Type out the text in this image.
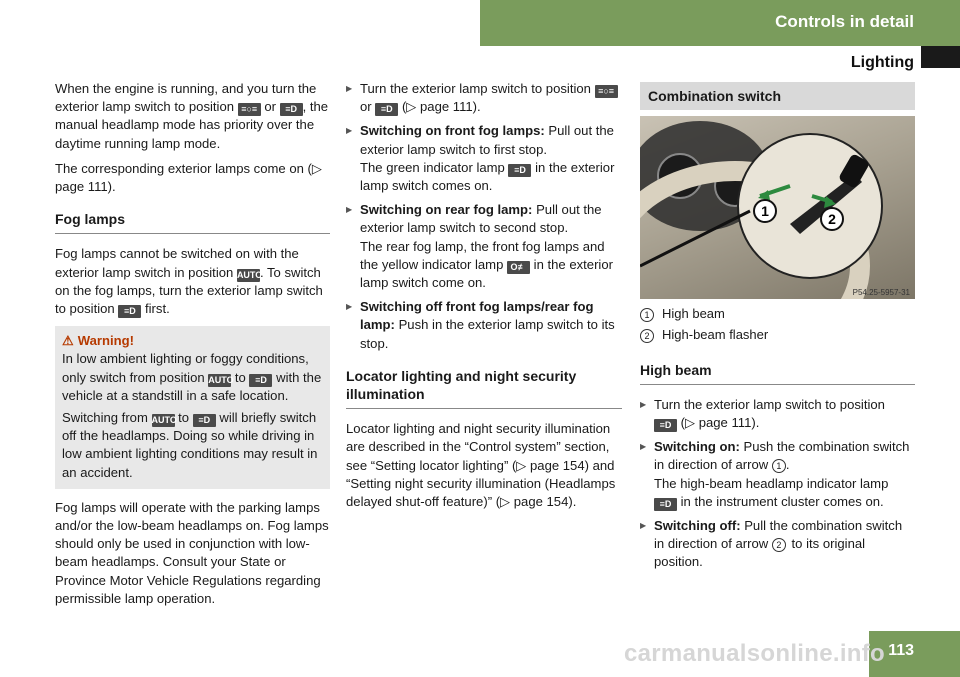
Controls in detail
Lighting

When the engine is running, and you turn the exterior lamp switch to position ≡○≡ or ≡D , the manual headlamp mode has priority over the daytime running lamp mode.

The corresponding exterior lamps come on (▷ page 111).

Fog lamps

Fog lamps cannot be switched on with the exterior lamp switch in position AUTO. To switch on the fog lamps, turn the exterior lamp switch to position ≡D first.

⚠ Warning!
In low ambient lighting or foggy conditions, only switch from position AUTO to ≡D with the vehicle at a standstill in a safe location.
Switching from AUTO to ≡D will briefly switch off the headlamps. Doing so while driving in low ambient lighting conditions may result in an accident.

Fog lamps will operate with the parking lamps and/or the low-beam headlamps on. Fog lamps should only be used in conjunction with low-beam headlamps. Consult your State or Province Motor Vehicle Regulations regarding permissible lamp operation.

▶ Turn the exterior lamp switch to position ≡○≡ or ≡D (▷ page 111).
▶ Switching on front fog lamps: Pull out the exterior lamp switch to first stop.
The green indicator lamp ≡D in the exterior lamp switch comes on.
▶ Switching on rear fog lamp: Pull out the exterior lamp switch to second stop.
The rear fog lamp, the front fog lamps and the yellow indicator lamp O≢ in the exterior lamp switch come on.
▶ Switching off front fog lamps/rear fog lamp: Push in the exterior lamp switch to its stop.
Locator lighting and night security illumination

Locator lighting and night security illumination are described in the “Control system” section, see “Setting locator lighting” (▷ page 154) and “Setting night security illumination (Headlamps delayed shut-off feature)” (▷ page 154).

Combination switch
1	2
P54.25-5957-31
1 High beam
2 High-beam flasher
High beam
▶ Turn the exterior lamp switch to position
≡D (▷ page 111).
▶ Switching on: Push the combination switch in direction of arrow 1 .
The high-beam headlamp indicator lamp
≡D in the instrument cluster comes on.
▶ Switching off: Pull the combination switch in direction of arrow 2 to its original position.
113
carmanualsonline.info
